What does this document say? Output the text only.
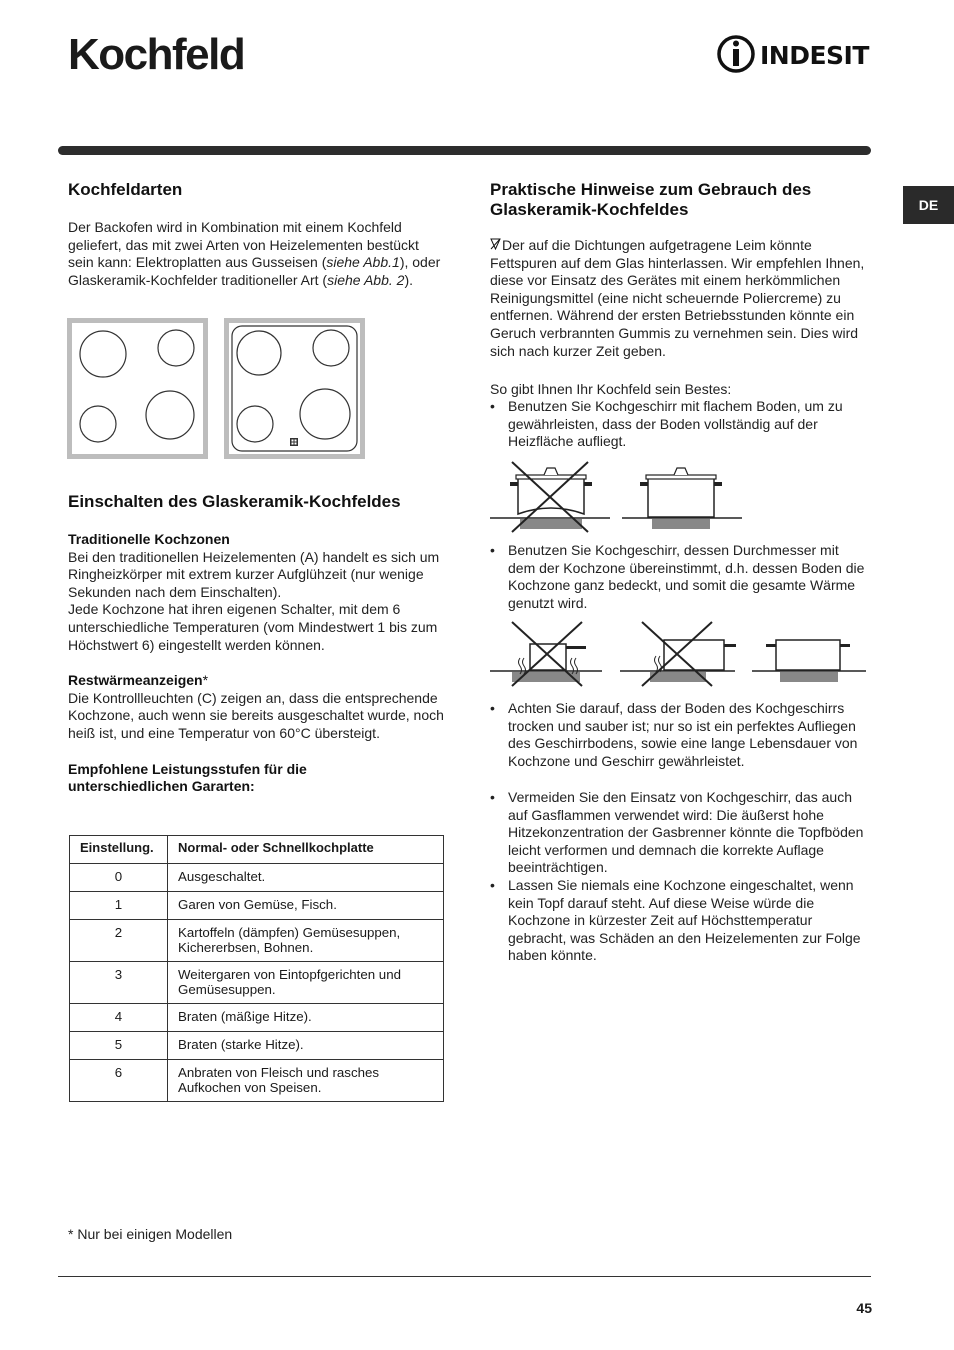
Kochfeld	INDESIT
DE
Kochfeldarten

Der Backofen wird in Kombination mit einem Kochfeld geliefert, das mit zwei Arten von Heizelementen bestückt sein kann: Elektroplatten aus Gusseisen (siehe Abb.1), oder Glaskeramik-Kochfelder traditioneller Art (siehe Abb. 2).

Einschalten des Glaskeramik-Kochfeldes

Traditionelle Kochzonen

Bei den traditionellen Heizelementen (A) handelt es sich um Ringheizkörper mit extrem kurzer Aufglühzeit (nur wenige Sekunden nach dem Einschalten).

Jede Kochzone hat ihren eigenen Schalter, mit dem 6 unterschiedliche Temperaturen (vom Mindestwert 1 bis zum Höchstwert 6) eingestellt werden können.

Restwärmeanzeigen*

Die Kontrollleuchten (C) zeigen an, dass die entsprechende Kochzone, auch wenn sie bereits ausgeschaltet wurde, noch heiß ist, und eine Temperatur von 60°C übersteigt.

Empfohlene Leistungsstufen für die unterschiedlichen Gararten:

Einstellung.	Normal- oder Schnellkochplatte
0	Ausgeschaltet.
1	Garen von Gemüse, Fisch.
2	Kartoffeln (dämpfen) Gemüsesuppen, Kichererbsen, Bohnen.
3	Weitergaren von Eintopfgerichten und Gemüsesuppen.
4	Braten (mäßige Hitze).
5	Braten (starke Hitze).
6	Anbraten von Fleisch und rasches Aufkochen von Speisen.

* Nur bei einigen Modellen

Praktische Hinweise zum Gebrauch des Glaskeramik-Kochfeldes

Der auf die Dichtungen aufgetragene Leim könnte Fettspuren auf dem Glas hinterlassen. Wir empfehlen Ihnen, diese vor Einsatz des Gerätes mit einem herkömmlichen Reinigungsmittel (eine nicht scheuernde Poliercreme) zu entfernen. Während der ersten Betriebsstunden könnte ein Geruch verbrannten Gummis zu vernehmen sein. Dies wird sich nach kurzer Zeit geben.

So gibt Ihnen Ihr Kochfeld sein Bestes:

• Benutzen Sie Kochgeschirr mit flachem Boden, um zu gewährleisten, dass der Boden vollständig auf der Heizfläche aufliegt.
• Benutzen Sie Kochgeschirr, dessen Durchmesser mit dem der Kochzone übereinstimmt, d.h. dessen Boden die Kochzone ganz bedeckt, und somit die gesamte Wärme genutzt wird.
• Achten Sie darauf, dass der Boden des Kochgeschirrs trocken und sauber ist; nur so ist ein perfektes Aufliegen des Geschirrbodens, sowie eine lange Lebensdauer von Kochzone und Geschirr gewährleistet.
• Vermeiden Sie den Einsatz von Kochgeschirr, das auch auf Gasflammen verwendet wird: Die äußerst hohe Hitzekonzentration der Gasbrenner könnte die Topfböden leicht verformen und demnach die korrekte Auflage beeinträchtigen.
• Lassen Sie niemals eine Kochzone eingeschaltet, wenn kein Topf darauf steht. Auf diese Weise würde die Kochzone in kürzester Zeit auf Höchsttemperatur gebracht, was Schäden an den Heizelementen zur Folge haben könnte.
45
